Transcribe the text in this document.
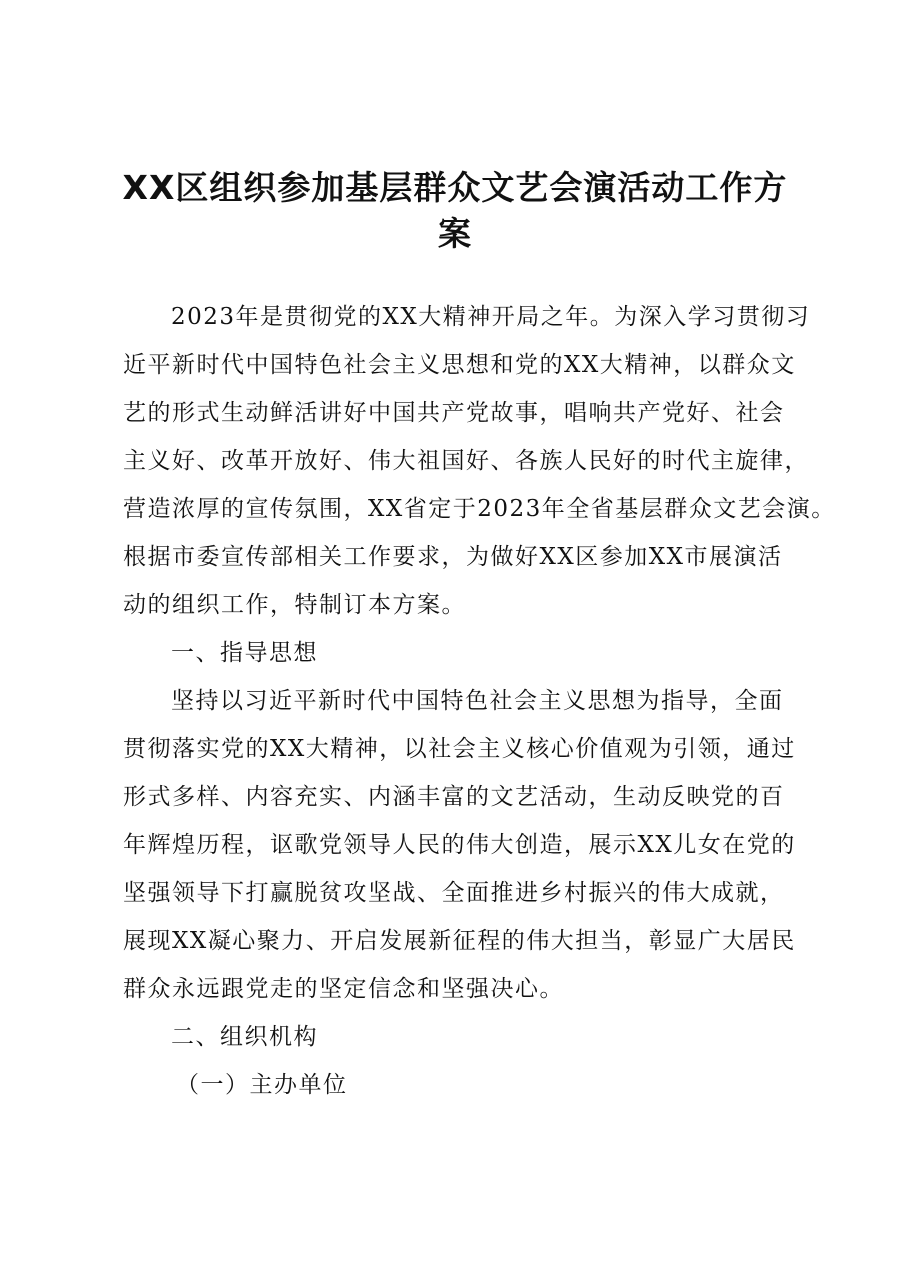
XX区组织参加基层群众文艺会演活动工作方
案
2023年是贯彻党的XX大精神开局之年。为深入学习贯彻习
近平新时代中国特色社会主义思想和党的XX大精神，以群众文
艺的形式生动鲜活讲好中国共产党故事，唱响共产党好、社会
主义好、改革开放好、伟大祖国好、各族人民好的时代主旋律，
营造浓厚的宣传氛围，XX省定于2023年全省基层群众文艺会演。
根据市委宣传部相关工作要求，为做好XX区参加XX市展演活
动的组织工作，特制订本方案。
一、指导思想
坚持以习近平新时代中国特色社会主义思想为指导，全面
贯彻落实党的XX大精神，以社会主义核心价值观为引领，通过
形式多样、内容充实、内涵丰富的文艺活动，生动反映党的百
年辉煌历程，讴歌党领导人民的伟大创造，展示XX儿女在党的
坚强领导下打赢脱贫攻坚战、全面推进乡村振兴的伟大成就，
展现XX凝心聚力、开启发展新征程的伟大担当，彰显广大居民
群众永远跟党走的坚定信念和坚强决心。
二、组织机构
（一）主办单位
